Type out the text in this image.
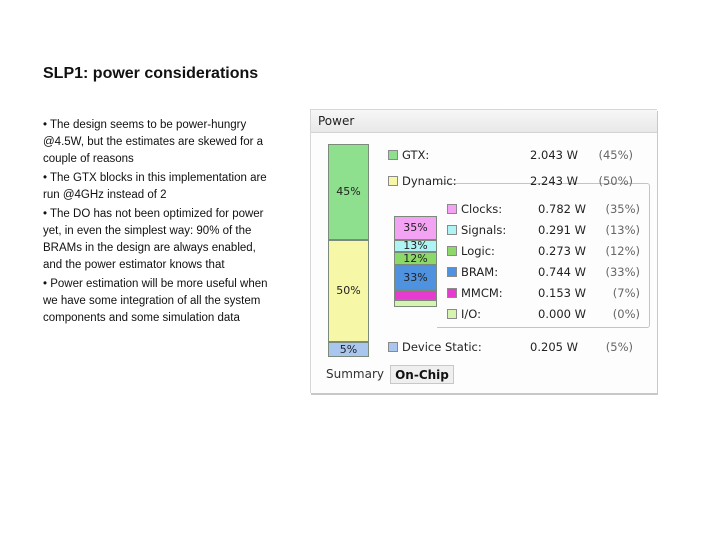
SLP1: power considerations
• The design seems to be power-hungry @4.5W, but the estimates are skewed for a couple of reasons
• The GTX blocks in this implementation are run @4GHz instead of 2
• The DO has not been optimized for power yet, in even the simplest way: 90% of the BRAMs in the design are always enabled, and the power estimator knows that
• Power estimation will be more useful when we have some integration of all the system components and some simulation data
Power
45%
50%
5%
35%
13%
12%
33%
GTX:	2.043 W	(45%)
Dynamic:	2.243 W	(50%)
Clocks:	0.782 W	(35%)
Signals:	0.291 W	(13%)
Logic:	0.273 W	(12%)
BRAM:	0.744 W	(33%)
MMCM:	0.153 W	(7%)
I/O:	0.000 W	(0%)
Device Static:	0.205 W	(5%)
Summary On-Chip
